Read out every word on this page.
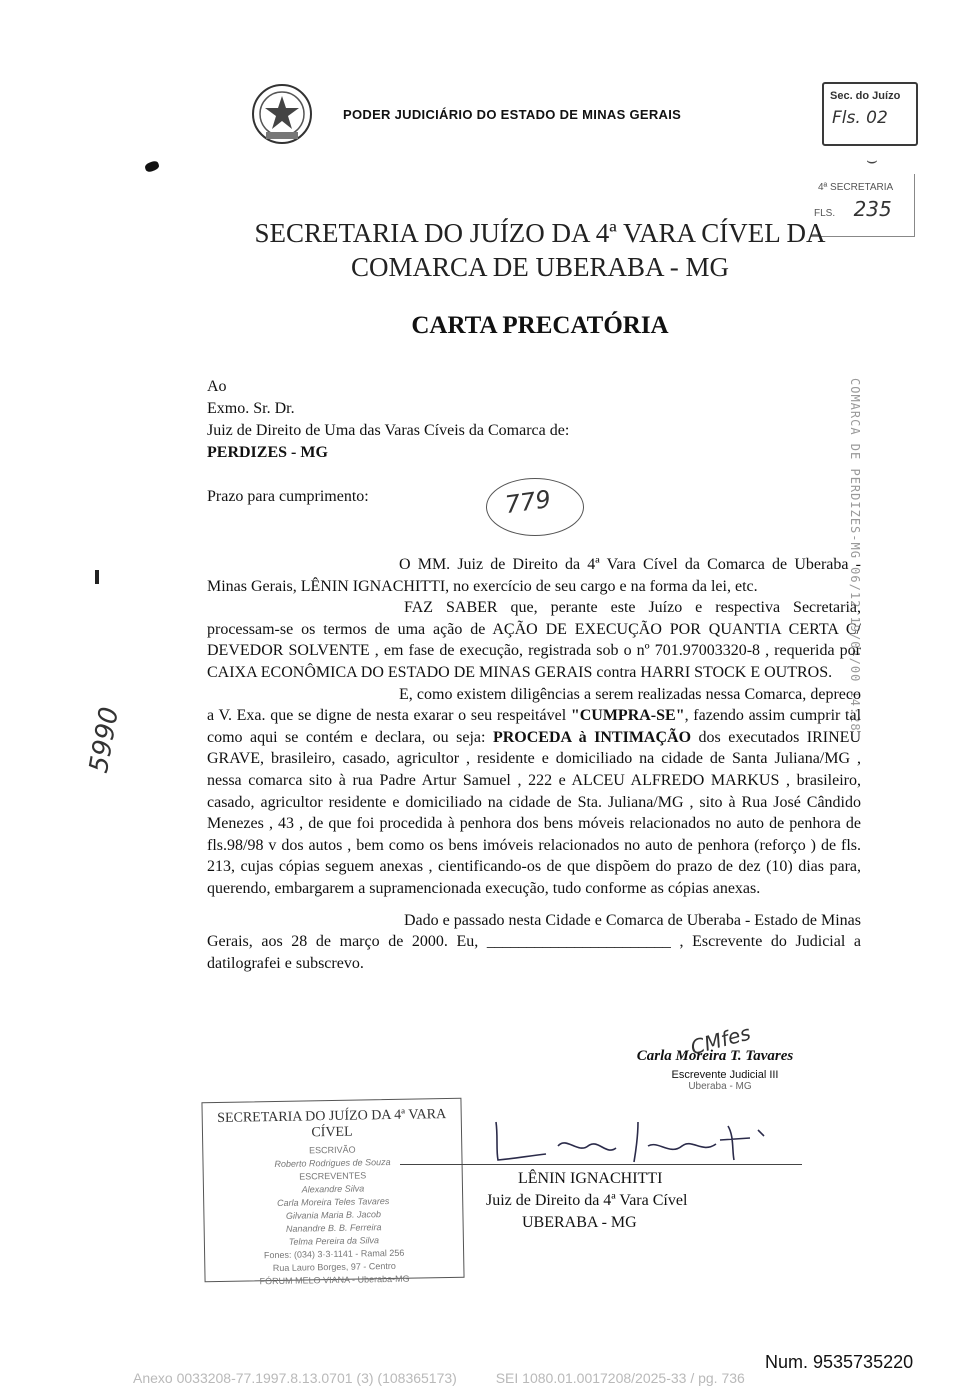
PODER JUDICIÁRIO DO ESTADO DE MINAS GERAIS
Sec. do Juízo
Fls. 02
⌣
4ª SECRETARIA
FLS. 235
SECRETARIA DO JUÍZO DA 4ª VARA CÍVEL DA
COMARCA DE UBERABA - MG
CARTA PRECATÓRIA
COMARCA DE PERDIZES-MG 06/12 19/04/00 14:28
Ao
Exmo. Sr. Dr.
Juiz de Direito de Uma das Varas Cíveis da Comarca de:
PERDIZES - MG
Prazo para cumprimento:	779
5990

O MM. Juiz de Direito da 4ª Vara Cível da Comarca de Uberaba - Minas Gerais, LÊNIN IGNACHITTI, no exercício de seu cargo e na forma da lei, etc.

FAZ SABER que, perante este Juízo e respectiva Secretaria, processam-se os termos de uma ação de AÇÃO DE EXECUÇÃO POR QUANTIA CERTA C/ DEVEDOR SOLVENTE , em fase de execução, registrada sob o nº 701.97003320-8 , requerida por CAIXA ECONÔMICA DO ESTADO DE MINAS GERAIS contra HARRI STOCK E OUTROS.

E, como existem diligências a serem realizadas nessa Comarca, depreco a V. Exa. que se digne de nesta exarar o seu respeitável "CUMPRA-SE", fazendo assim cumprir tal como aqui se contém e declara, ou seja: PROCEDA à INTIMAÇÃO dos executados IRINEU GRAVE, brasileiro, casado, agricultor , residente e domiciliado na cidade de Santa Juliana/MG , nessa comarca sito à rua Padre Artur Samuel , 222 e ALCEU ALFREDO MARKUS , brasileiro, casado, agricultor residente e domiciliado na cidade de Sta. Juliana/MG , sito à Rua José Cândido Menezes , 43 , de que foi procedida à penhora dos bens móveis relacionados no auto de penhora de fls.98/98 v dos autos , bem como os bens imóveis relacionados no auto de penhora (reforço ) de fls. 213, cujas cópias seguem anexas , cientificando-os de que dispõem do prazo de dez (10) dias para, querendo, embargarem a supramencionada execução, tudo conforme as cópias anexas.

Dado e passado nesta Cidade e Comarca de Uberaba - Estado de Minas Gerais, aos 28 de março de 2000. Eu, _______________________ , Escrevente do Judicial a datilografei e subscrevo.

CMfes
Carla Moreira T. Tavares
Escrevente Judicial III
Uberaba - MG
SECRETARIA DO JUÍZO DA 4ª VARA CÍVEL
ESCRIVÃO
Roberto Rodrigues de Souza
ESCREVENTES
Alexandre Silva
Carla Moreira Teles Tavares
Gilvania Maria B. Jacob
Nanandre B. B. Ferreira
Telma Pereira da Silva
Fones: (034) 3·3·1141 - Ramal 256
Rua Lauro Borges, 97 - Centro
FÓRUM MELO VIANA - Uberaba-MG
LÊNIN IGNACHITTI
Juiz de Direito da 4ª Vara Cível
UBERABA - MG
Num. 9535735220
Anexo 0033208-77.1997.8.13.0701 (3) (108365173)          SEI 1080.01.0017208/2025-33 / pg. 736
